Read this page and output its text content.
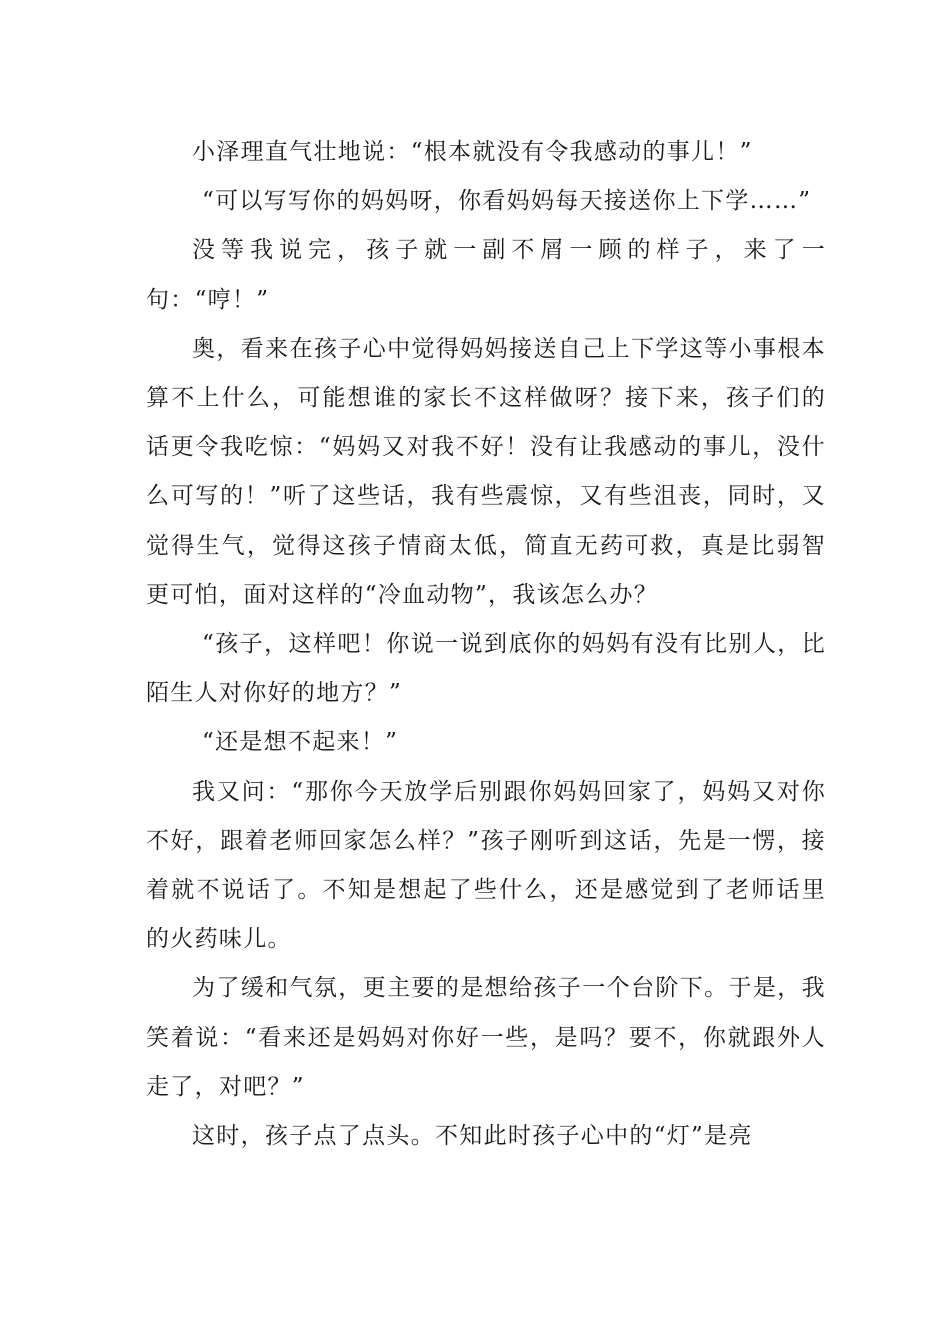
小泽理直气壮地说：“根本就没有令我感动的事儿！”

“可以写写你的妈妈呀，你看妈妈每天接送你上下学……”

没等我说完，孩子就一副不屑一顾的样子，来了一句：“哼！”

奥，看来在孩子心中觉得妈妈接送自己上下学这等小事根本算不上什么，可能想谁的家长不这样做呀？接下来，孩子们的话更令我吃惊：“妈妈又对我不好！没有让我感动的事儿，没什么可写的！”听了这些话，我有些震惊，又有些沮丧，同时，又觉得生气，觉得这孩子情商太低，简直无药可救，真是比弱智更可怕，面对这样的“冷血动物”，我该怎么办？

“孩子，这样吧！你说一说到底你的妈妈有没有比别人，比陌生人对你好的地方？”

“还是想不起来！”

我又问：“那你今天放学后别跟你妈妈回家了，妈妈又对你不好，跟着老师回家怎么样？”孩子刚听到这话，先是一愣，接着就不说话了。不知是想起了些什么，还是感觉到了老师话里的火药味儿。

为了缓和气氛，更主要的是想给孩子一个台阶下。于是，我笑着说：“看来还是妈妈对你好一些，是吗？要不，你就跟外人走了，对吧？”

这时，孩子点了点头。不知此时孩子心中的“灯”是亮
